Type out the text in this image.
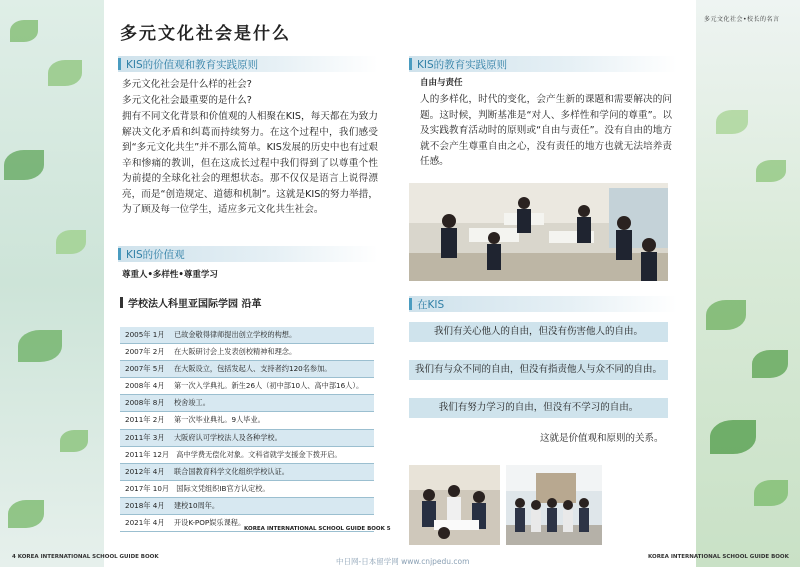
多元文化社会是什么
多元文化社会•校长的名言
KIS的价值观和教育实践原则
多元文化社会是什么样的社会?
多元文化社会最重要的是什么?
拥有不同文化背景和价值观的人相聚在KIS，每天都在为致力解决文化矛盾和纠葛而持续努力。在这个过程中，我们感受到“多元文化共生”并不那么简单。KIS发展的历史中也有过艰辛和惨痛的教训，但在这成长过程中我们得到了以尊重个性为前提的全球化社会的理想状态。那不仅仅是语言上说得漂亮，而是“创造规定、道德和机制”。这就是KIS的努力举措，为了顾及每一位学生，适应多元文化共生社会。
KIS的价值观
尊重人•多样性•尊重学习
学校法人科里亚国际学园 沿革
2005年 1月　 已故金敬得律师提出创立学校的构想。
2007年 2月　 在大阪研讨会上发表创校精神和理念。
2007年 5月　 在大阪设立，包括发起人、支持者约120名参加。
2008年 4月　 第一次入学典礼。新生26人（初中部10人、高中部16人）。
2008年 8月　 校舍竣工。
2011年 2月　 第一次毕业典礼。9人毕业。
2011年 3月　 大阪府认可学校法人及各种学校。
2011年 12月　高中学费无偿化对象。文科省就学支援金下拨开启。
2012年 4月　 联合国教育科学文化组织学校认证。
2017年 10月　国际文凭组织IB官方认定校。
2018年 4月　 建校10周年。
2021年 4月　 开设K-POP娱乐课程。
KOREA INTERNATIONAL SCHOOL GUIDE BOOK 5
KIS的教育实践原则
自由与责任
人的多样化，时代的变化，会产生新的课题和需要解决的问题。这时候，判断基准是“对人、多样性和学问的尊重”。以及实践教育活动时的原则或“自由与责任”。没有自由的地方就不会产生尊重自由之心，没有责任的地方也就无法培养责任感。
在KIS
我们有关心他人的自由，但没有伤害他人的自由。
我们有与众不同的自由，但没有指责他人与众不同的自由。
我们有努力学习的自由，但没有不学习的自由。
这就是价值观和原则的关系。
4 KOREA INTERNATIONAL SCHOOL GUIDE BOOK	KOREA INTERNATIONAL SCHOOL GUIDE BOOK
中日网-日本留学网 www.cnjpedu.com
